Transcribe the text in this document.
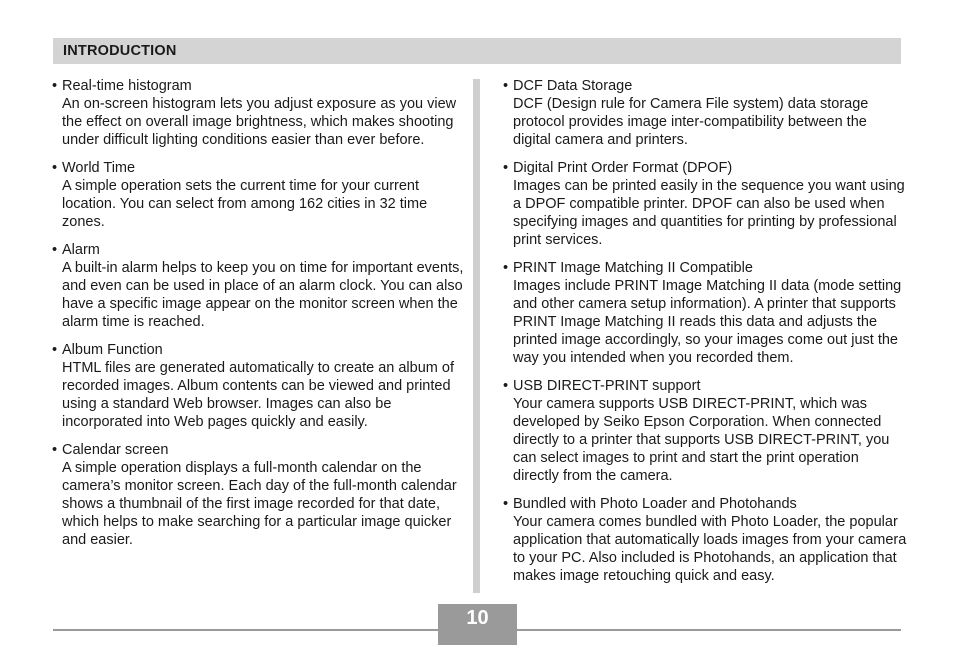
INTRODUCTION
• Real-time histogram
An on-screen histogram lets you adjust exposure as you view the effect on overall image brightness, which makes shooting under difficult lighting conditions easier than ever before.
• World Time
A simple operation sets the current time for your current location. You can select from among 162 cities in 32 time zones.
• Alarm
A built-in alarm helps to keep you on time for important events, and even can be used in place of an alarm clock. You can also have a specific image appear on the monitor screen when the alarm time is reached.
• Album Function
HTML files are generated automatically to create an album of recorded images. Album contents can be viewed and printed using a standard Web browser. Images can also be incorporated into Web pages quickly and easily.
• Calendar screen
A simple operation displays a full-month calendar on the camera’s monitor screen. Each day of the full-month calendar shows a thumbnail of the first image recorded for that date, which helps to make searching for a particular image quicker and easier.
• DCF Data Storage
DCF (Design rule for Camera File system) data storage protocol provides image inter-compatibility between the digital camera and printers.
• Digital Print Order Format (DPOF)
Images can be printed easily in the sequence you want using a DPOF compatible printer. DPOF can also be used when specifying images and quantities for printing by professional print services.
• PRINT Image Matching II Compatible
Images include PRINT Image Matching II data (mode setting and other camera setup information). A printer that supports PRINT Image Matching II reads this data and adjusts the printed image accordingly, so your images come out just the way you intended when you recorded them.
• USB DIRECT-PRINT support
Your camera supports USB DIRECT-PRINT, which was developed by Seiko Epson Corporation. When connected directly to a printer that supports USB DIRECT-PRINT, you can select images to print and start the print operation directly from the camera.
• Bundled with Photo Loader and Photohands
Your camera comes bundled with Photo Loader, the popular application that automatically loads images from your camera to your PC. Also included is Photohands, an application that makes image retouching quick and easy.
10
